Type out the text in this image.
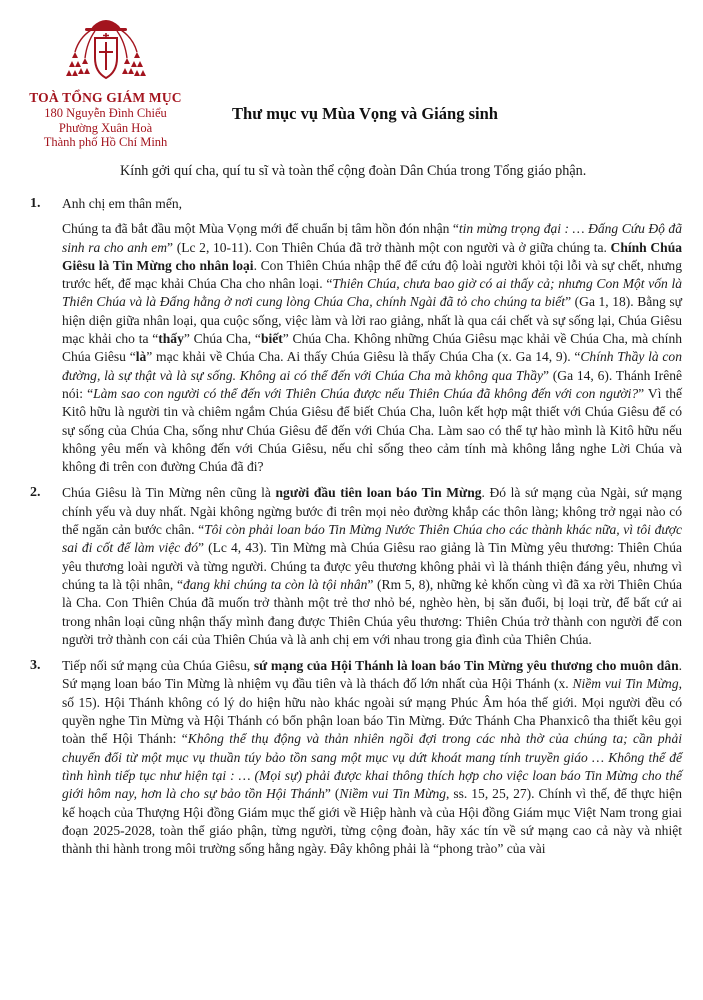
TOÀ TỔNG GIÁM MỤC
180 Nguyễn Đình Chiểu
Phường Xuân Hoà
Thành phố Hồ Chí Minh
Thư mục vụ Mùa Vọng và Giáng sinh
Kính gởi quí cha, quí tu sĩ và toàn thể cộng đoàn Dân Chúa trong Tổng giáo phận.
1. Anh chị em thân mến,

Chúng ta đã bắt đầu một Mùa Vọng mới để chuẩn bị tâm hồn đón nhận “tin mừng trọng đại : … Đấng Cứu Độ đã sinh ra cho anh em” (Lc 2, 10-11). Con Thiên Chúa đã trở thành một con người và ở giữa chúng ta. Chính Chúa Giêsu là Tin Mừng cho nhân loại. Con Thiên Chúa nhập thể để cứu độ loài người khỏi tội lỗi và sự chết, nhưng trước hết, để mạc khải Chúa Cha cho nhân loại. “Thiên Chúa, chưa bao giờ có ai thấy cả; nhưng Con Một vốn là Thiên Chúa và là Đấng hằng ở nơi cung lòng Chúa Cha, chính Ngài đã tỏ cho chúng ta biết” (Ga 1, 18). Bằng sự hiện diện giữa nhân loại, qua cuộc sống, việc làm và lời rao giảng, nhất là qua cái chết và sự sống lại, Chúa Giêsu mạc khải cho ta “thấy” Chúa Cha, “biết” Chúa Cha. Không những Chúa Giêsu mạc khải về Chúa Cha, mà chính Chúa Giêsu “là” mạc khải về Chúa Cha. Ai thấy Chúa Giêsu là thấy Chúa Cha (x. Ga 14, 9). “Chính Thầy là con đường, là sự thật và là sự sống. Không ai có thể đến với Chúa Cha mà không qua Thầy” (Ga 14, 6). Thánh Irênê nói: “Làm sao con người có thể đến với Thiên Chúa được nếu Thiên Chúa đã không đến với con người?” Vì thế Kitô hữu là người tin và chiêm ngắm Chúa Giêsu để biết Chúa Cha, luôn kết hợp mật thiết với Chúa Giêsu để có sự sống của Chúa Cha, sống như Chúa Giêsu để đến với Chúa Cha. Làm sao có thể tự hào mình là Kitô hữu nếu không yêu mến và không đến với Chúa Giêsu, nếu chỉ sống theo cảm tính mà không lắng nghe Lời Chúa và không đi trên con đường Chúa đã đi?

2. Chúa Giêsu là Tin Mừng nên cũng là người đầu tiên loan báo Tin Mừng. Đó là sứ mạng của Ngài, sứ mạng chính yếu và duy nhất. Ngài không ngừng bước đi trên mọi nẻo đường khắp các thôn làng; không trở ngại nào có thể ngăn cản bước chân. “Tôi còn phải loan báo Tin Mừng Nước Thiên Chúa cho các thành khác nữa, vì tôi được sai đi cốt để làm việc đó” (Lc 4, 43). Tin Mừng mà Chúa Giêsu rao giảng là Tin Mừng yêu thương: Thiên Chúa yêu thương loài người và từng người. Chúng ta được yêu thương không phải vì là thánh thiện đáng yêu, nhưng vì chúng ta là tội nhân, “đang khi chúng ta còn là tội nhân” (Rm 5, 8), những kẻ khốn cùng vì đã xa rời Thiên Chúa là Cha. Con Thiên Chúa đã muốn trở thành một trẻ thơ nhỏ bé, nghèo hèn, bị săn đuổi, bị loại trừ, để bất cứ ai trong nhân loại cũng nhận thấy mình đang được Thiên Chúa yêu thương: Thiên Chúa trở thành con người để con người trở thành con cái của Thiên Chúa và là anh chị em với nhau trong gia đình của Thiên Chúa.

3. Tiếp nối sứ mạng của Chúa Giêsu, sứ mạng của Hội Thánh là loan báo Tin Mừng yêu thương cho muôn dân. Sứ mạng loan báo Tin Mừng là nhiệm vụ đầu tiên và là thách đố lớn nhất của Hội Thánh (x. Niềm vui Tin Mừng, số 15). Hội Thánh không có lý do hiện hữu nào khác ngoài sứ mạng Phúc Âm hóa thế giới. Mọi người đều có quyền nghe Tin Mừng và Hội Thánh có bổn phận loan báo Tin Mừng. Đức Thánh Cha Phanxicô tha thiết kêu gọi toàn thể Hội Thánh: “Không thể thụ động và thản nhiên ngồi đợi trong các nhà thờ của chúng ta; cần phải chuyển đổi từ một mục vụ thuần túy bảo tồn sang một mục vụ dứt khoát mang tính truyền giáo … Không thể để tình hình tiếp tục như hiện tại : … (Mọi sự) phải được khai thông thích hợp cho việc loan báo Tin Mừng cho thế giới hôm nay, hơn là cho sự bảo tồn Hội Thánh” (Niềm vui Tin Mừng, ss. 15, 25, 27). Chính vì thế, để thực hiện kế hoạch của Thượng Hội đồng Giám mục thế giới về Hiệp hành và của Hội đồng Giám mục Việt Nam trong giai đoạn 2025-2028, toàn thể giáo phận, từng người, từng cộng đoàn, hãy xác tín về sứ mạng cao cả này và nhiệt thành thi hành trong môi trường sống hằng ngày. Đây không phải là “phong trào” của vài
